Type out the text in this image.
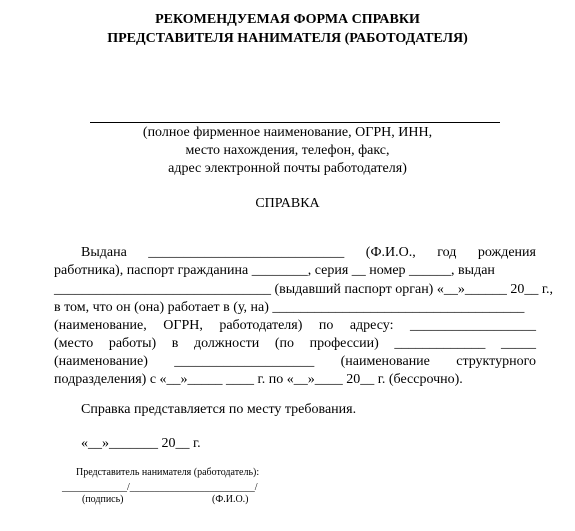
РЕКОМЕНДУЕМАЯ ФОРМА СПРАВКИ
ПРЕДСТАВИТЕЛЯ НАНИМАТЕЛЯ (РАБОТОДАТЕЛЯ)
(полное фирменное наименование, ОГРН, ИНН,
место нахождения, телефон, факс,
адрес электронной почты работодателя)
СПРАВКА
Выдана ____________________________ (Ф.И.О., год рождения
работника), паспорт гражданина ________, серия __ номер ______, выдан
_______________________________ (выдавший паспорт орган) «__»______ 20__ г.,
в том, что он (она) работает в (у, на) ____________________________________
(наименование, ОГРН, работодателя) по адресу: __________________
(место работы) в должности (по профессии) _____________ _____
(наименование) ____________________ (наименование структурного
подразделения) с «__»_____ ____ г. по «__»____ 20__ г. (бессрочно).
Справка представляется по месту требования.
«__»_______ 20__ г.
Представитель нанимателя (работодатель):
_____________/_________________________/
(подпись)	(Ф.И.О.)
